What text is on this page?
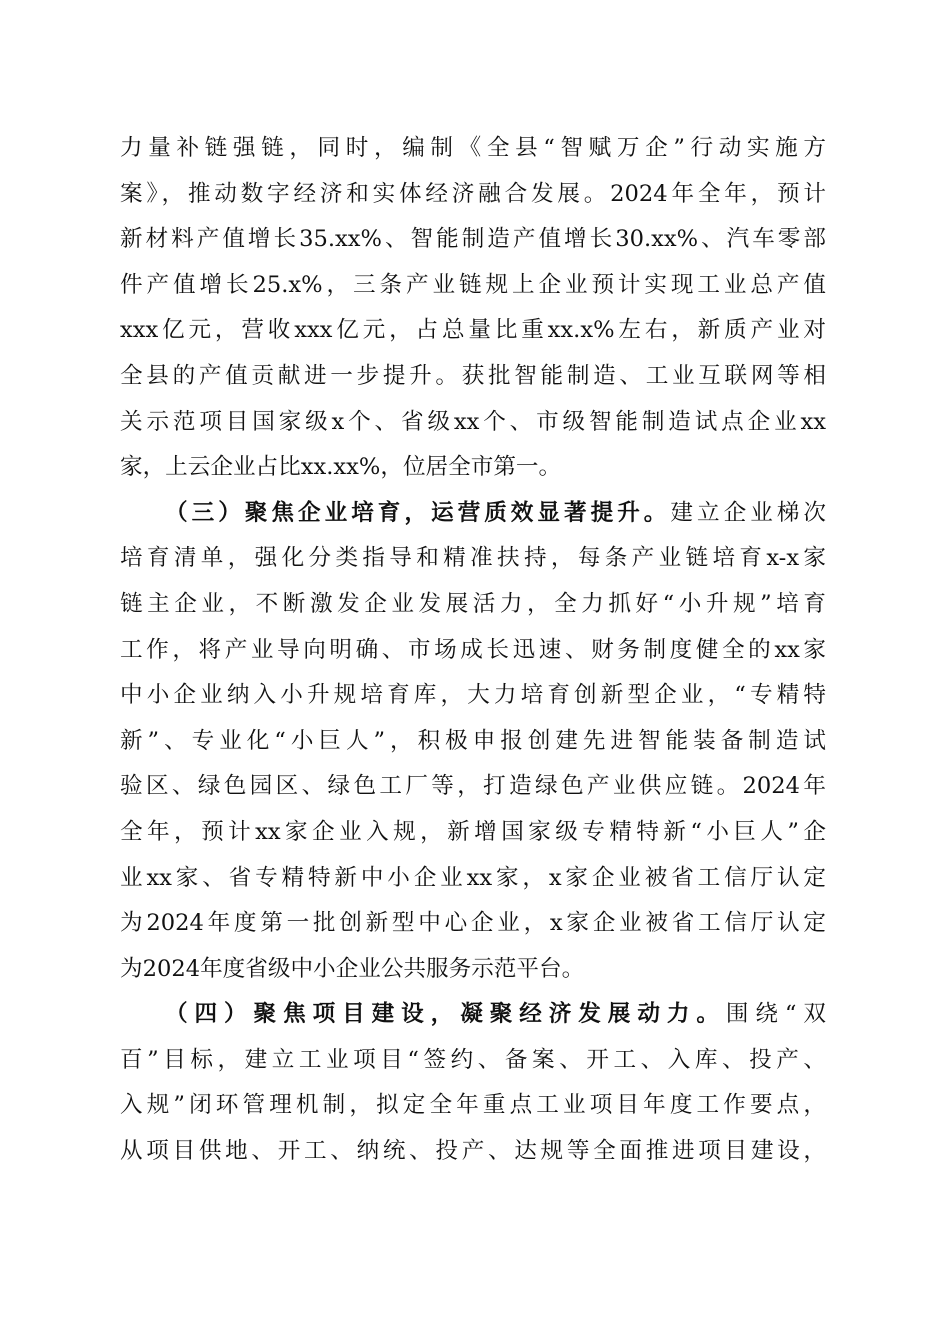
力量补链强链，同时，编制《全县“智赋万企”行动实施方
案》，推动数字经济和实体经济融合发展。2024年全年，预计
新材料产值增长35.xx%、智能制造产值增长30.xx%、汽车零部
件产值增长25.x%，三条产业链规上企业预计实现工业总产值
xxx亿元，营收xxx亿元，占总量比重xx.x%左右，新质产业对
全县的产值贡献进一步提升。获批智能制造、工业互联网等相
关示范项目国家级x个、省级xx个、市级智能制造试点企业xx
家，上云企业占比xx.xx%，位居全市第一。
（三）聚焦企业培育，运营质效显著提升。建立企业梯次
培育清单，强化分类指导和精准扶持，每条产业链培育x-x家
链主企业，不断激发企业发展活力，全力抓好“小升规”培育
工作，将产业导向明确、市场成长迅速、财务制度健全的xx家
中小企业纳入小升规培育库，大力培育创新型企业，“专精特
新”、专业化“小巨人”，积极申报创建先进智能装备制造试
验区、绿色园区、绿色工厂等，打造绿色产业供应链。2024年
全年，预计xx家企业入规，新增国家级专精特新“小巨人”企
业xx家、省专精特新中小企业xx家，x家企业被省工信厅认定
为2024年度第一批创新型中心企业，x家企业被省工信厅认定
为2024年度省级中小企业公共服务示范平台。
（四）聚焦项目建设，凝聚经济发展动力。围绕“双
百”目标，建立工业项目“签约、备案、开工、入库、投产、
入规”闭环管理机制，拟定全年重点工业项目年度工作要点，
从项目供地、开工、纳统、投产、达规等全面推进项目建设，
